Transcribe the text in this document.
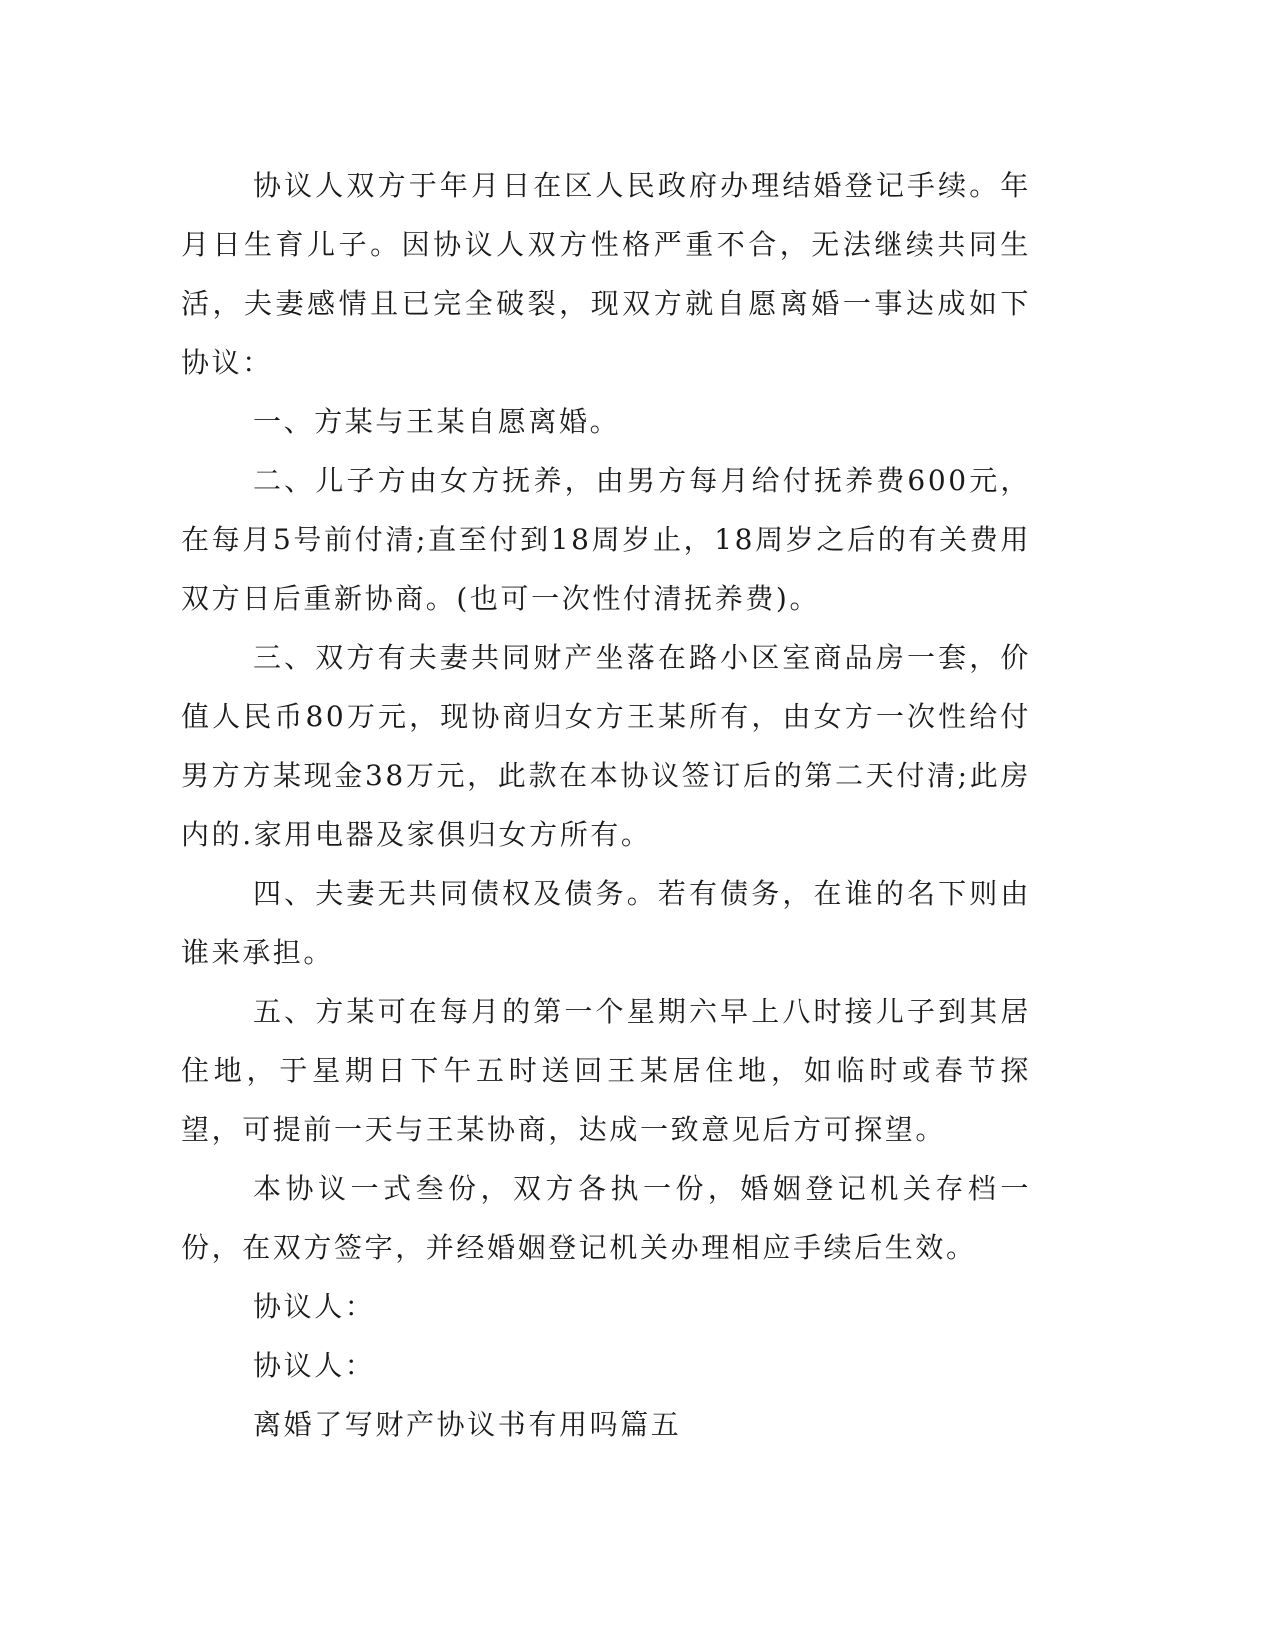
协议人双方于年月日在区人民政府办理结婚登记手续。年月日生育儿子。因协议人双方性格严重不合，无法继续共同生活，夫妻感情且已完全破裂，现双方就自愿离婚一事达成如下协议：

一、方某与王某自愿离婚。

二、儿子方由女方抚养，由男方每月给付抚养费600元，在每月5号前付清;直至付到18周岁止，18周岁之后的有关费用双方日后重新协商。(也可一次性付清抚养费)。

三、双方有夫妻共同财产坐落在路小区室商品房一套，价值人民币80万元，现协商归女方王某所有，由女方一次性给付男方方某现金38万元，此款在本协议签订后的第二天付清;此房内的.家用电器及家俱归女方所有。

四、夫妻无共同债权及债务。若有债务，在谁的名下则由谁来承担。

五、方某可在每月的第一个星期六早上八时接儿子到其居住地，于星期日下午五时送回王某居住地，如临时或春节探望，可提前一天与王某协商，达成一致意见后方可探望。

本协议一式叁份，双方各执一份，婚姻登记机关存档一份，在双方签字，并经婚姻登记机关办理相应手续后生效。

协议人：

协议人：

离婚了写财产协议书有用吗篇五
